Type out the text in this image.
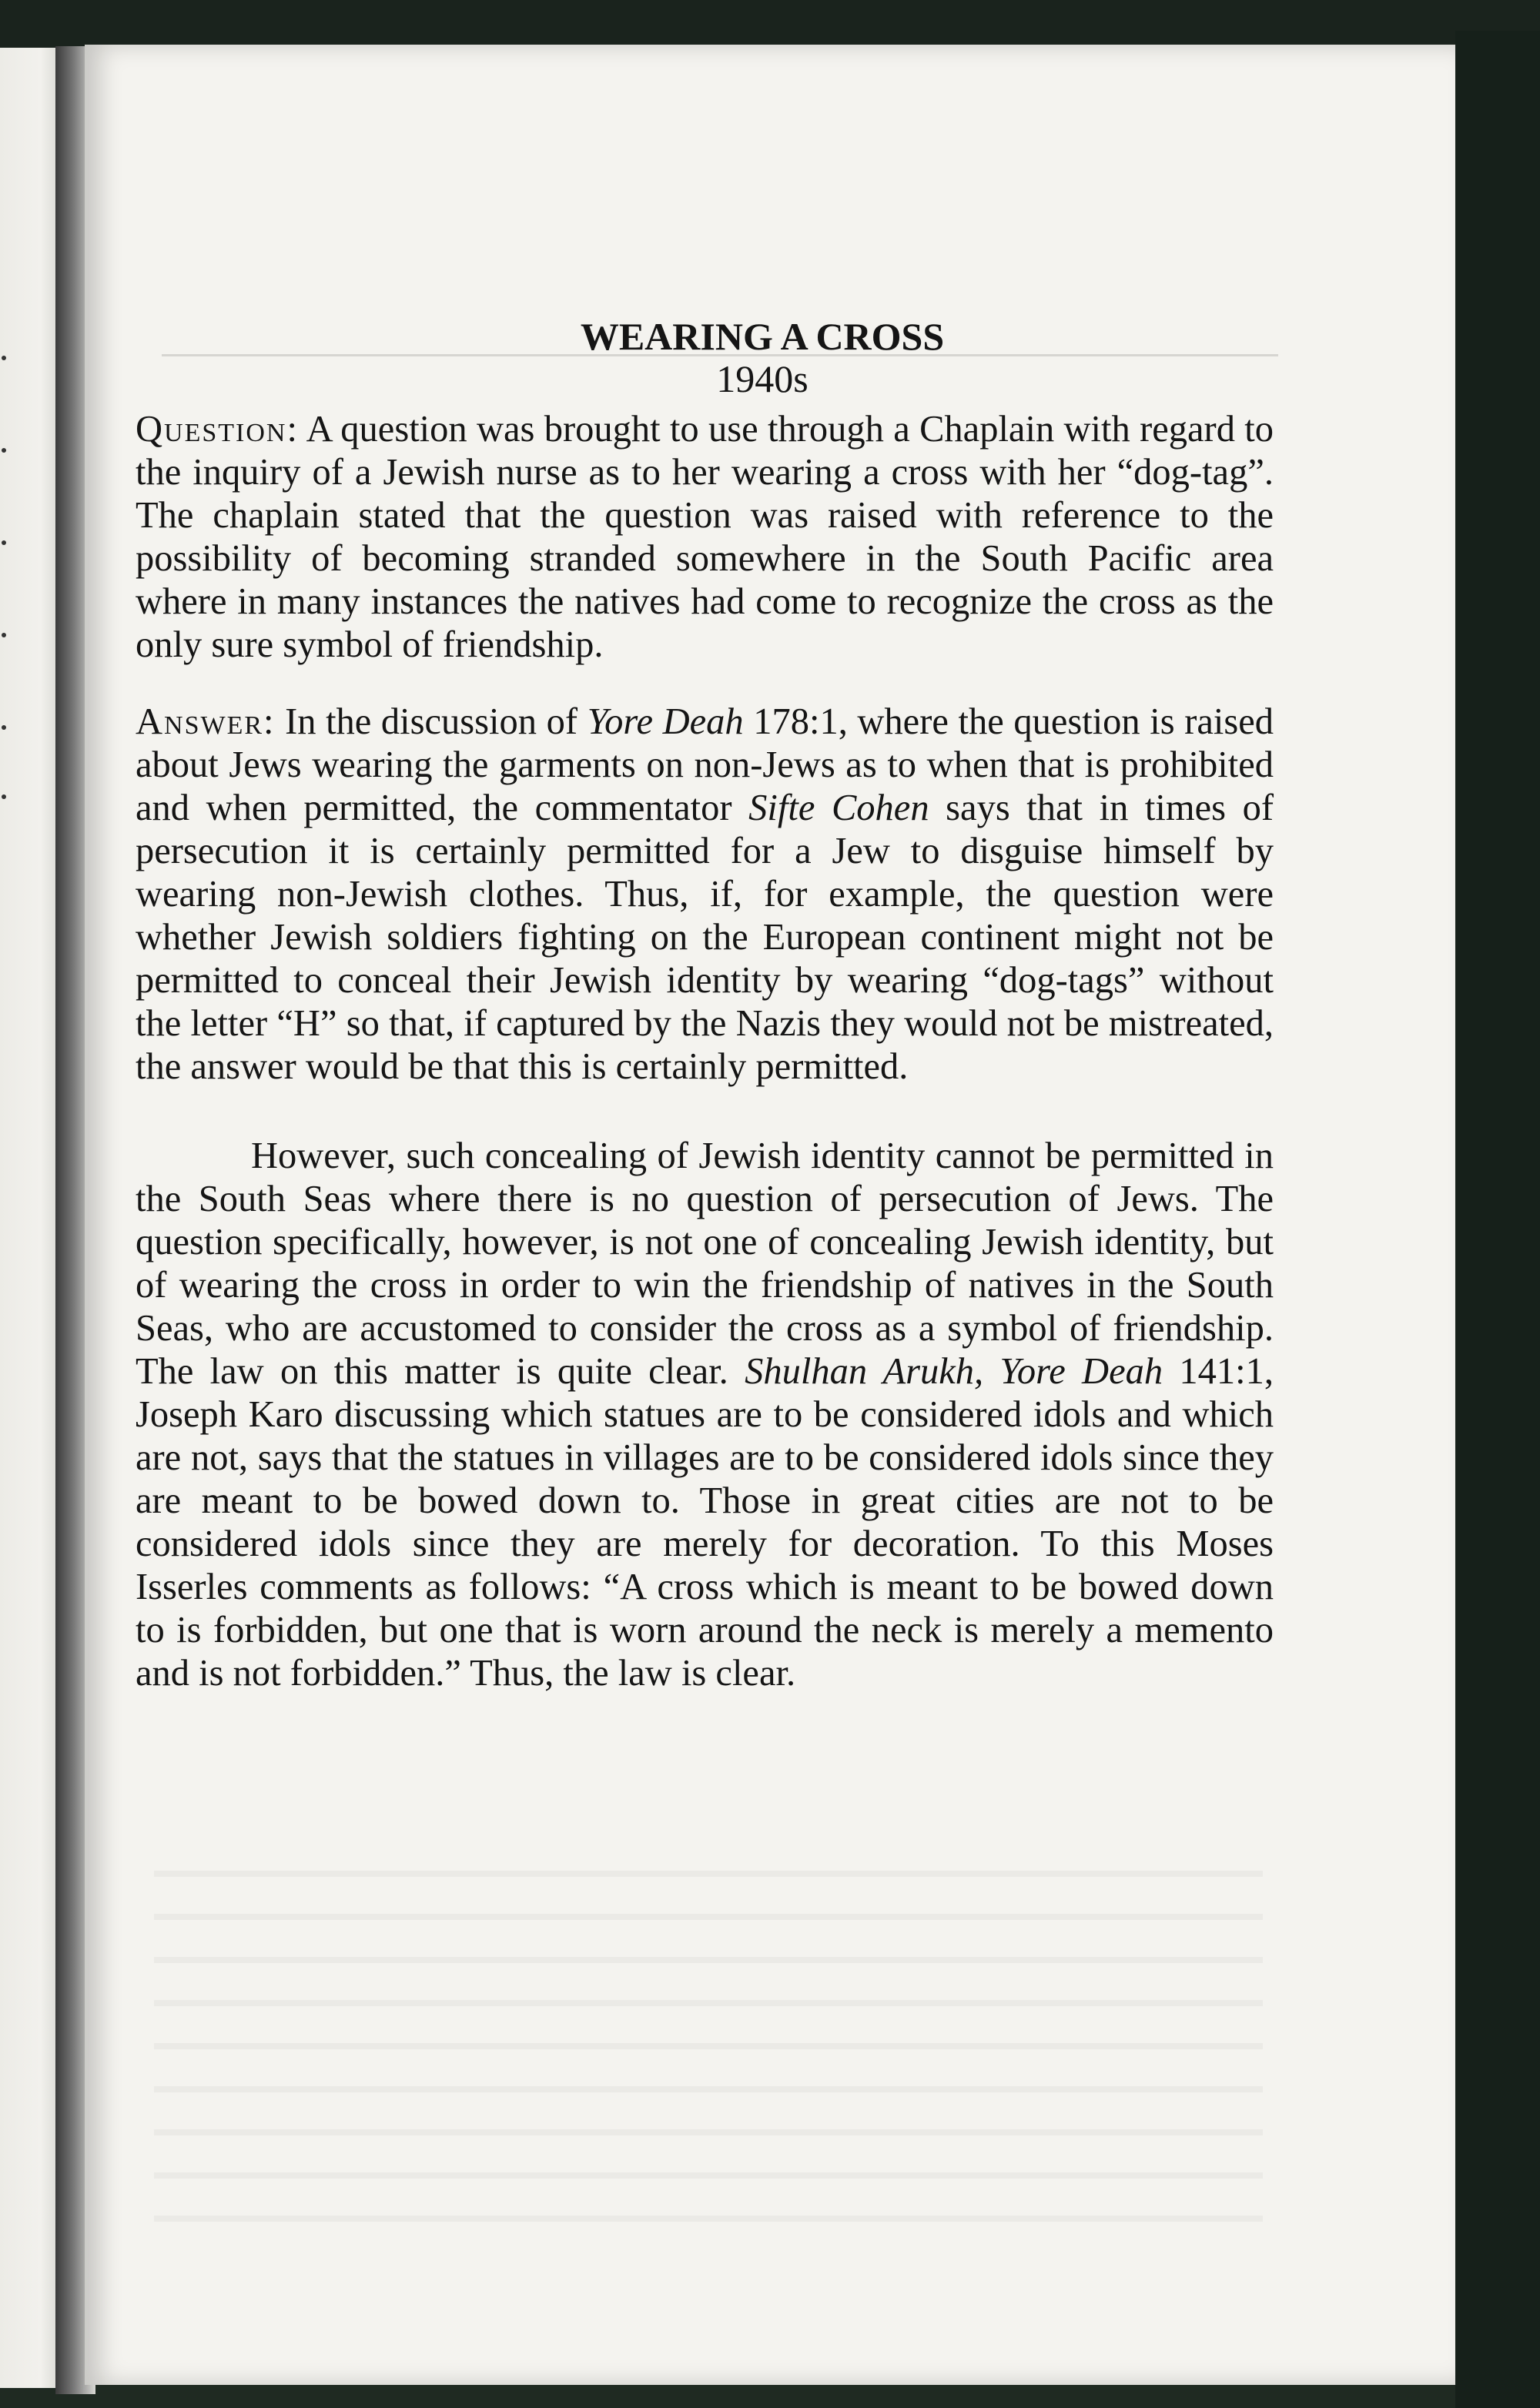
WEARING A CROSS
1940s

Question: A question was brought to use through a Chaplain with regard to the inquiry of a Jewish nurse as to her wearing a cross with her “dog-tag”. The chaplain stated that the question was raised with reference to the possibility of becoming stranded somewhere in the South Pacific area where in many instances the natives had come to recognize the cross as the only sure symbol of friendship.

Answer: In the discussion of Yore Deah 178:1, where the question is raised about Jews wearing the garments on non-Jews as to when that is prohibited and when permitted, the commentator Sifte Cohen says that in times of persecution it is certainly permitted for a Jew to disguise himself by wearing non-Jewish clothes. Thus, if, for example, the question were whether Jewish soldiers fighting on the European continent might not be permitted to conceal their Jewish identity by wearing “dog-tags” without the letter “H” so that, if captured by the Nazis they would not be mistreated, the answer would be that this is certainly permitted.

However, such concealing of Jewish identity cannot be permitted in the South Seas where there is no question of persecution of Jews. The question specifically, however, is not one of concealing Jewish identity, but of wearing the cross in order to win the friendship of natives in the South Seas, who are accustomed to consider the cross as a symbol of friendship. The law on this matter is quite clear. Shulhan Arukh, Yore Deah 141:1, Joseph Karo discussing which statues are to be considered idols and which are not, says that the statues in villages are to be considered idols since they are meant to be bowed down to. Those in great cities are not to be considered idols since they are merely for decoration. To this Moses Isserles comments as follows: “A cross which is meant to be bowed down to is forbidden, but one that is worn around the neck is merely a memento and is not forbidden.” Thus, the law is clear.
